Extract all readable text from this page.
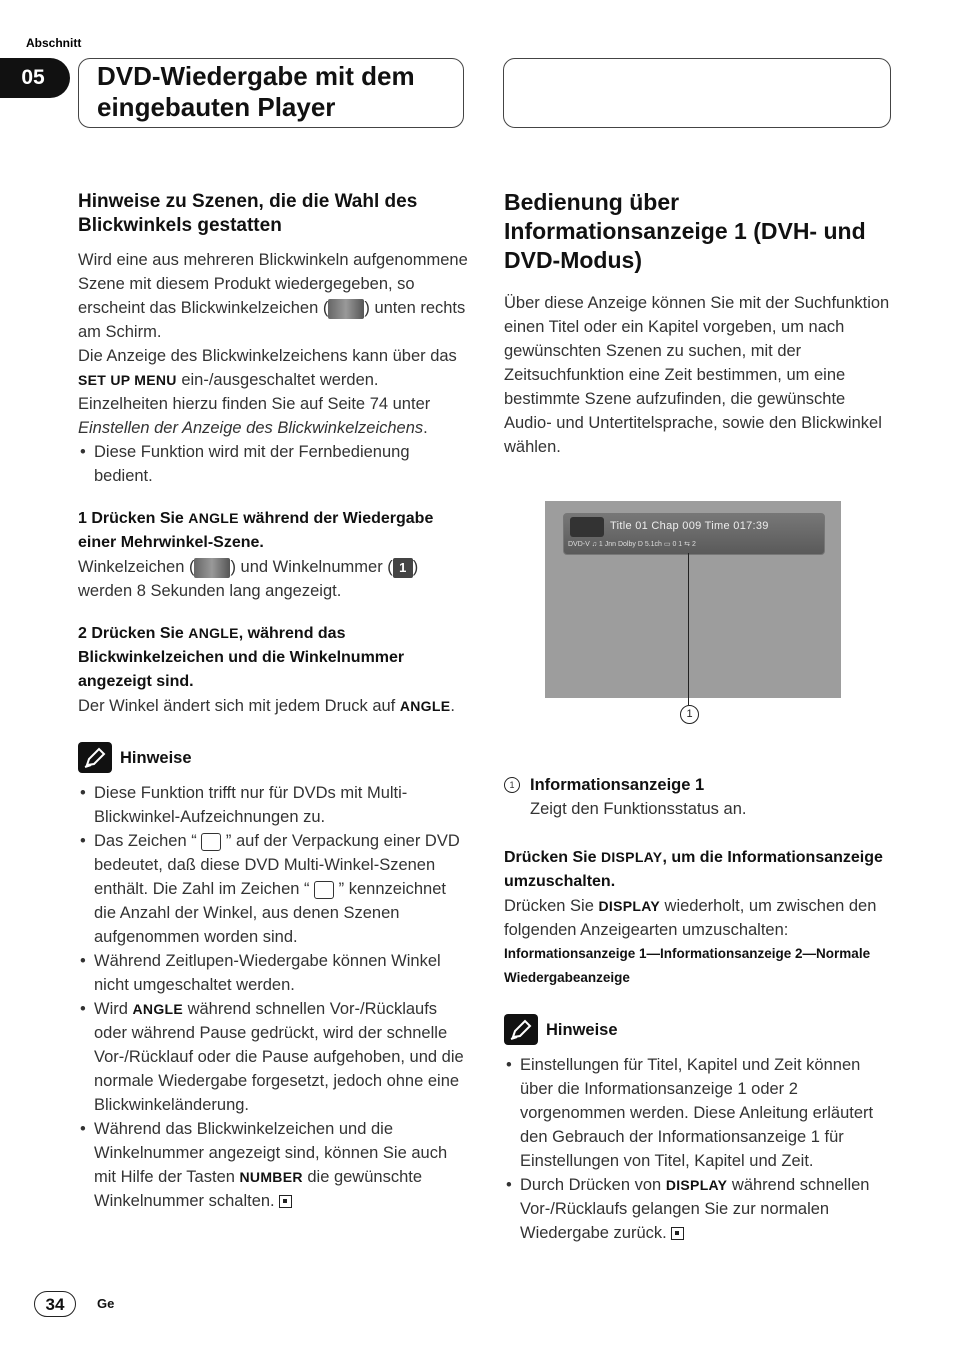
Abschnitt
05	DVD-Wiedergabe mit dem
eingebauten Player
Hinweise zu Szenen, die die Wahl des Blickwinkels gestatten

Wird eine aus mehreren Blickwinkeln aufgenommene Szene mit diesem Produkt wiedergegeben, so erscheint das Blickwinkelzeichen ( ) unten rechts am Schirm.

Die Anzeige des Blickwinkelzeichens kann über das SET UP MENU ein-/ausgeschaltet werden. Einzelheiten hierzu finden Sie auf Seite 74 unter Einstellen der Anzeige des Blickwinkelzeichens.

• Diese Funktion wird mit der Fernbedienung bedient.

1 Drücken Sie ANGLE während der Wiedergabe einer Mehrwinkel-Szene.

Winkelzeichen ( ) und Winkelnummer ( 1 ) werden 8 Sekunden lang angezeigt.

2 Drücken Sie ANGLE, während das Blickwinkelzeichen und die Winkelnummer angezeigt sind.

Der Winkel ändert sich mit jedem Druck auf ANGLE.

Hinweise
• Diese Funktion trifft nur für DVDs mit Multi-Blickwinkel-Aufzeichnungen zu.
• Das Zeichen “  ” auf der Verpackung einer DVD bedeutet, daß diese DVD Multi-Winkel-Szenen enthält. Die Zahl im Zeichen “  ” kennzeichnet die Anzahl der Winkel, aus denen Szenen aufgenommen worden sind.
• Während Zeitlupen-Wiedergabe können Winkel nicht umgeschaltet werden.
• Wird ANGLE während schnellen Vor-/Rücklaufs oder während Pause gedrückt, wird der schnelle Vor-/Rücklauf oder die Pause aufgehoben, und die normale Wiedergabe forgesetzt, jedoch ohne eine Blickwinkeländerung.
• Während das Blickwinkelzeichen und die Winkelnummer angezeigt sind, können Sie auch mit Hilfe der Tasten NUMBER die gewünschte Winkelnummer schalten.
Bedienung über Informationsanzeige 1 (DVH- und DVD-Modus)

Über diese Anzeige können Sie mit der Suchfunktion einen Titel oder ein Kapitel vorgeben, um nach gewünschten Szenen zu suchen, mit der Zeitsuchfunktion eine Zeit bestimmen, um eine bestimmte Szene aufzufinden, die gewünschte Audio- und Untertitelsprache, sowie den Blickwinkel wählen.

Title 01 Chap 009 Time 017:39
DVD-V ♫ 1 Jnn Dolby D 5.1ch ▭ 0 1 ⇆ 2
1
1 Informationsanzeige 1
Zeigt den Funktionsstatus an.

Drücken Sie DISPLAY, um die Informationsanzeige umzuschalten.

Drücken Sie DISPLAY wiederholt, um zwischen den folgenden Anzeigearten umzuschalten:

Informationsanzeige 1—Informationsanzeige 2—Normale Wiedergabeanzeige

Hinweise
• Einstellungen für Titel, Kapitel und Zeit können über die Informationsanzeige 1 oder 2 vorgenommen werden. Diese Anleitung erläutert den Gebrauch der Informationsanzeige 1 für Einstellungen von Titel, Kapitel und Zeit.
• Durch Drücken von DISPLAY während schnellen Vor-/Rücklaufs gelangen Sie zur normalen Wiedergabe zurück.
34	Ge
